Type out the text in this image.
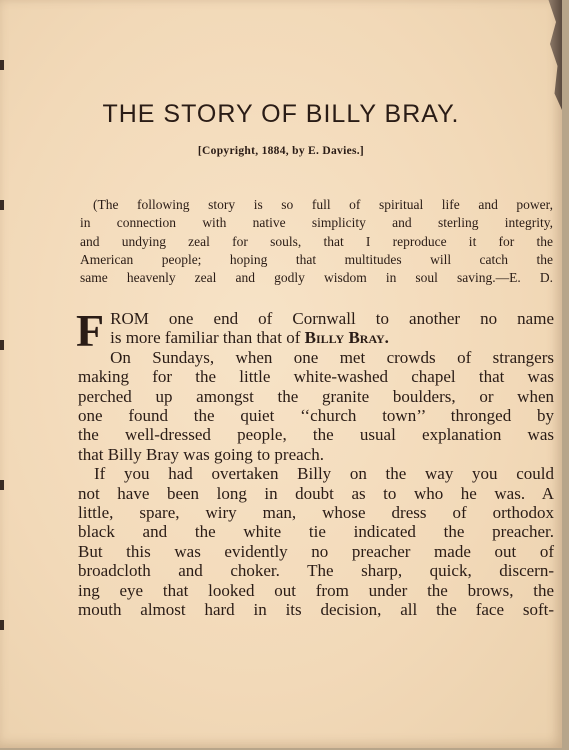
THE STORY OF BILLY BRAY.
[Copyright, 1884, by E. Davies.]
(The following story is so full of spiritual life and power,
in connection with native simplicity and sterling integrity,
and undying zeal for souls, that I reproduce it for the
American people; hoping that multitudes will catch the
same heavenly zeal and godly wisdom in soul saving.—E. D.
F ROM one end of Cornwall to another no name
is more familiar than that of Billy Bray.
On Sundays, when one met crowds of strangers
making for the little white-washed chapel that was
perched up amongst the granite boulders, or when
one found the quiet ‘‘church town’’ thronged by
the well-dressed people, the usual explanation was
that Billy Bray was going to preach.
If you had overtaken Billy on the way you could
not have been long in doubt as to who he was. A
little, spare, wiry man, whose dress of orthodox
black and the white tie indicated the preacher.
But this was evidently no preacher made out of
broadcloth and choker. The sharp, quick, discern-
ing eye that looked out from under the brows, the
mouth almost hard in its decision, all the face soft-
